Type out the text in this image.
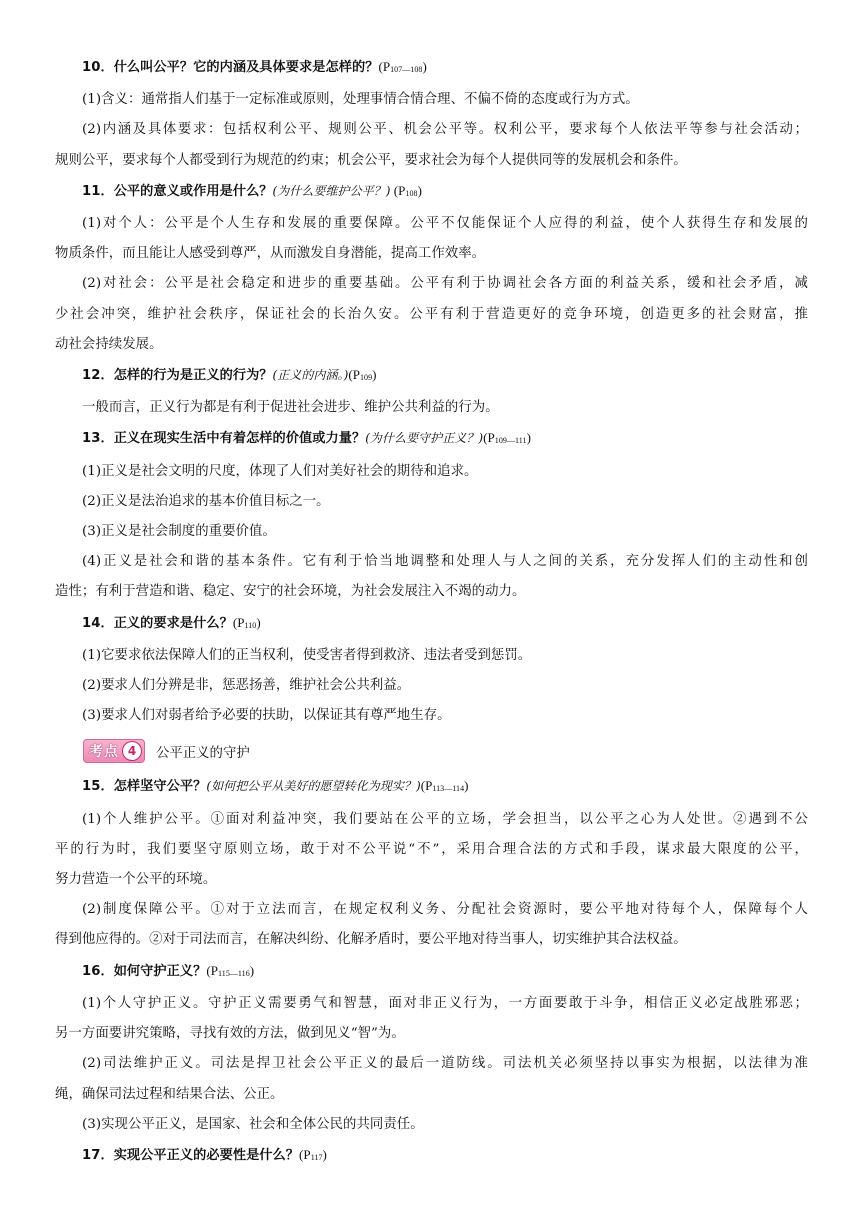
10．什么叫公平？它的内涵及具体要求是怎样的？$(P_{107—108})$
(1)含义：通常指人们基于一定标准或原则，处理事情合情合理、不偏不倚的态度或行为方式。
(2)内涵及具体要求：包括权利公平、规则公平、机会公平等。权利公平，要求每个人依法平等参与社会活动；
规则公平，要求每个人都受到行为规范的约束；机会公平，要求社会为每个人提供同等的发展机会和条件。
11．公平的意义或作用是什么？(为什么要维护公平？) $(P_{108})$
(1)对个人：公平是个人生存和发展的重要保障。公平不仅能保证个人应得的利益，使个人获得生存和发展的
物质条件，而且能让人感受到尊严，从而激发自身潜能，提高工作效率。
(2)对社会：公平是社会稳定和进步的重要基础。公平有利于协调社会各方面的利益关系，缓和社会矛盾，减
少社会冲突，维护社会秩序，保证社会的长治久安。公平有利于营造更好的竞争环境，创造更多的社会财富，推
动社会持续发展。
12．怎样的行为是正义的行为？(正义的内涵。)$(P_{109})$
一般而言，正义行为都是有利于促进社会进步、维护公共利益的行为。
13．正义在现实生活中有着怎样的价值或力量？(为什么要守护正义？)$(P_{109—111})$
(1)正义是社会文明的尺度，体现了人们对美好社会的期待和追求。
(2)正义是法治追求的基本价值目标之一。
(3)正义是社会制度的重要价值。
(4)正义是社会和谐的基本条件。它有利于恰当地调整和处理人与人之间的关系，充分发挥人们的主动性和创
造性；有利于营造和谐、稳定、安宁的社会环境，为社会发展注入不竭的动力。
14．正义的要求是什么？$(P_{110})$
(1)它要求依法保障人们的正当权利，使受害者得到救济、违法者受到惩罚。
(2)要求人们分辨是非，惩恶扬善，维护社会公共利益。
(3)要求人们对弱者给予必要的扶助，以保证其有尊严地生存。
考点 4	公平正义的守护
15．怎样坚守公平？(如何把公平从美好的愿望转化为现实？)$(P_{113—114})$
(1)个人维护公平。①面对利益冲突，我们要站在公平的立场，学会担当，以公平之心为人处世。②遇到不公
平的行为时，我们要坚守原则立场，敢于对不公平说“不”，采用合理合法的方式和手段，谋求最大限度的公平，
努力营造一个公平的环境。
(2)制度保障公平。①对于立法而言，在规定权利义务、分配社会资源时，要公平地对待每个人，保障每个人
得到他应得的。②对于司法而言，在解决纠纷、化解矛盾时，要公平地对待当事人，切实维护其合法权益。
16．如何守护正义？$(P_{115—116})$
(1)个人守护正义。守护正义需要勇气和智慧，面对非正义行为，一方面要敢于斗争，相信正义必定战胜邪恶；
另一方面要讲究策略，寻找有效的方法，做到见义“智”为。
(2)司法维护正义。司法是捍卫社会公平正义的最后一道防线。司法机关必须坚持以事实为根据，以法律为准
绳，确保司法过程和结果合法、公正。
(3)实现公平正义，是国家、社会和全体公民的共同责任。
17．实现公平正义的必要性是什么？$(P_{117})$
